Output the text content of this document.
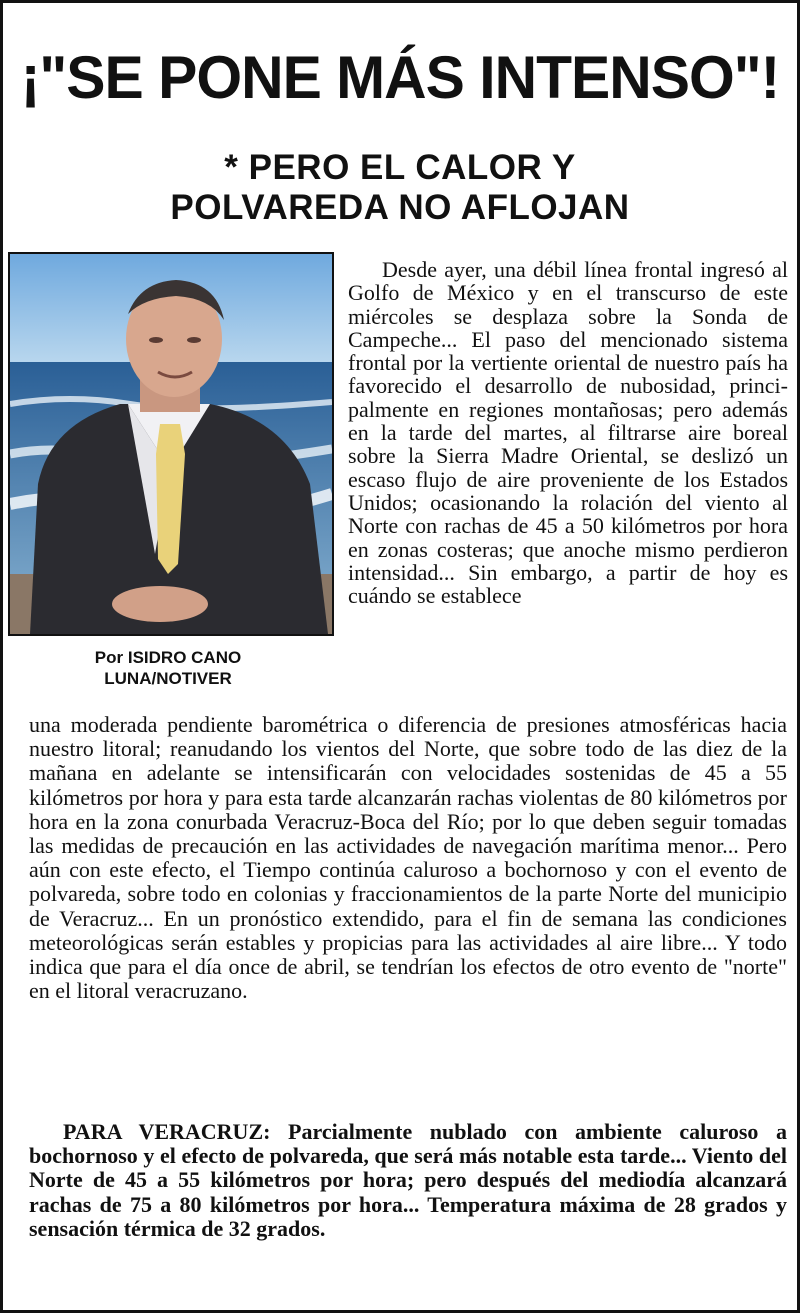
¡"SE PONE MÁS INTENSO"!
* PERO EL CALOR Y
POLVAREDA NO AFLOJAN
Por ISIDRO CANO
LUNA/NOTIVER
Desde ayer, una débil línea frontal ingresó al Golfo de México y en el transcurso de este miércoles se desplaza sobre la Sonda de Campeche... El paso del mencionado sistema frontal por la vertiente oriental de nuestro país ha favorecido el desarrollo de nubosidad, principalmente en regiones montañosas; pero además en la tarde del martes, al filtrarse aire boreal sobre la Sierra Madre Oriental, se deslizó un escaso flujo de aire proveniente de los Estados Unidos; ocasionando la rolación del viento al Norte con rachas de 45 a 50 kilómetros por hora en zonas costeras; que anoche mismo perdieron intensidad... Sin embargo, a partir de hoy es cuándo se establece
una moderada pendiente barométrica o diferencia de presiones atmosféricas hacia nuestro litoral; reanudando los vientos del Norte, que sobre todo de las diez de la mañana en adelante se intensificarán con velocidades sostenidas de 45 a 55 kilómetros por hora y para esta tarde alcanzarán rachas violentas de 80 kilómetros por hora en la zona conurbada Veracruz-Boca del Río; por lo que deben seguir tomadas las medidas de precaución en las actividades de navegación marítima menor... Pero aún con este efecto, el Tiempo continúa caluroso a bochornoso y con el evento de polvareda, sobre todo en colonias y fraccionamientos de la parte Norte del municipio de Veracruz... En un pronóstico extendido, para el fin de semana las condiciones meteorológicas serán estables y propicias para las actividades al aire libre... Y todo indica que para el día once de abril, se tendrían los efectos de otro evento de "norte" en el litoral veracruzano.
PARA VERACRUZ: Parcialmente nublado con ambiente caluroso a bochornoso y el efecto de polvareda, que será más notable esta tarde... Viento del Norte de 45 a 55 kilómetros por hora; pero después del mediodía alcanzará rachas de 75 a 80 kilómetros por hora... Temperatura máxima de 28 grados y sensación térmica de 32 grados.
